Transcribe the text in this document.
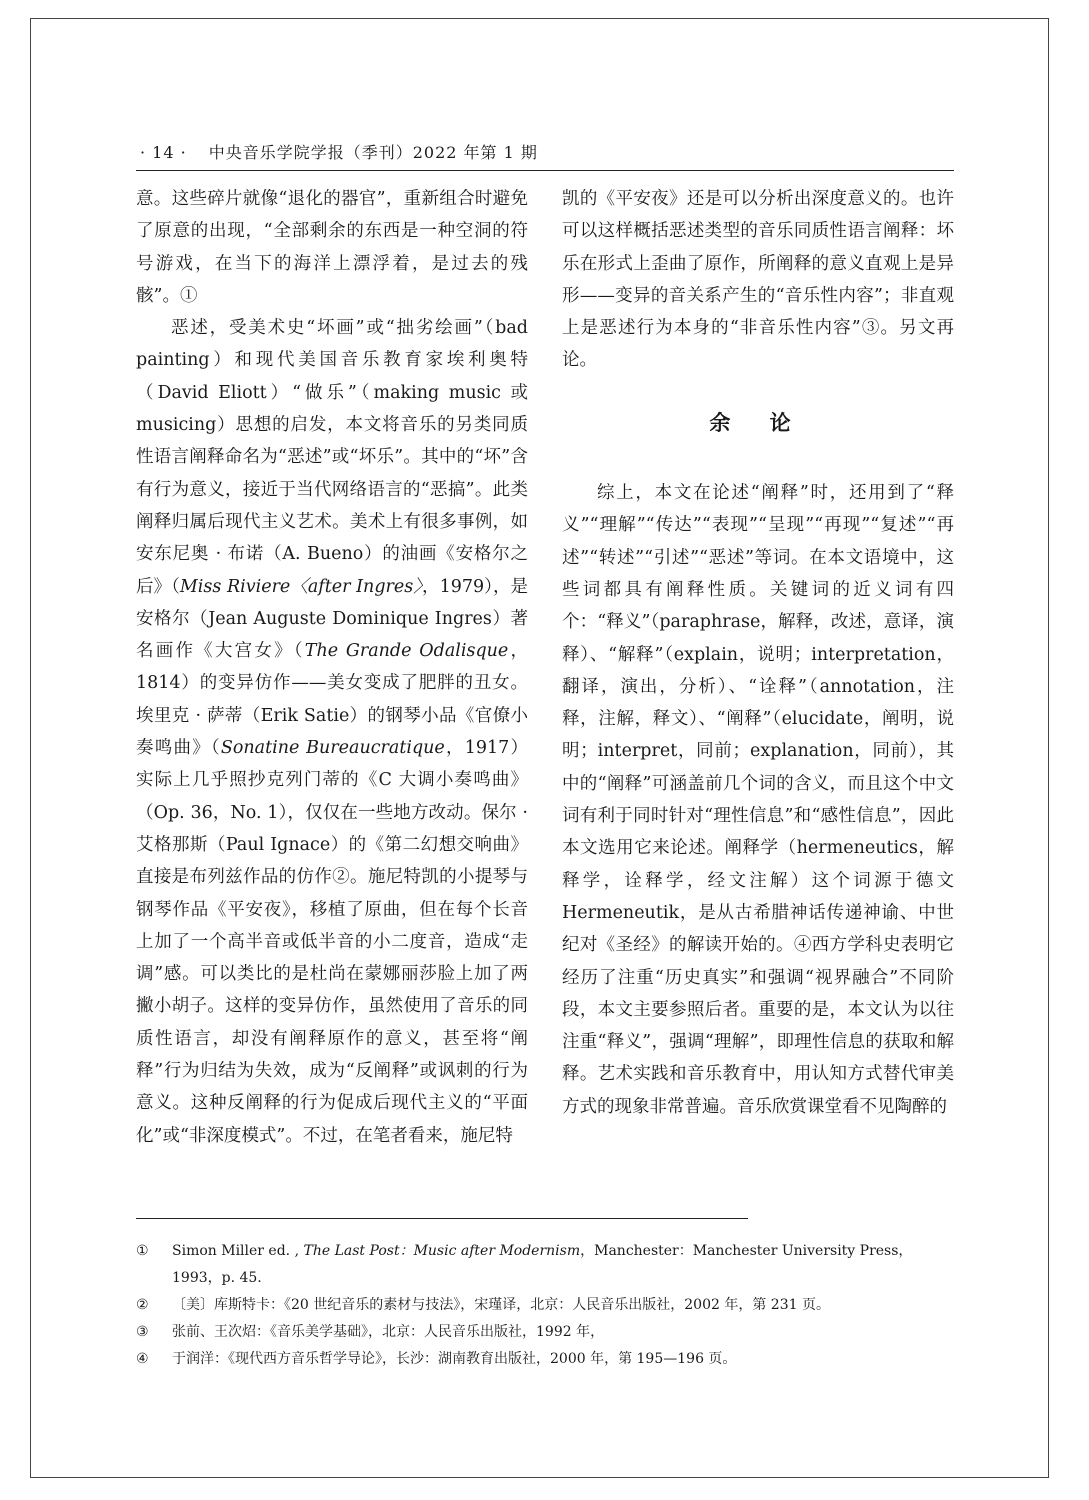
· 14 · 中央音乐学院学报（季刊）2022 年第 1 期

意。这些碎片就像“退化的器官”，重新组合时避免了原意的出现，“全部剩余的东西是一种空洞的符号游戏，在当下的海洋上漂浮着，是过去的残骸”。①

恶述，受美术史“坏画”或“拙劣绘画”（bad painting）和现代美国音乐教育家埃利奥特（David Eliott）“做乐”（making music 或 musicing）思想的启发，本文将音乐的另类同质性语言阐释命名为“恶述”或“坏乐”。其中的“坏”含有行为意义，接近于当代网络语言的“恶搞”。此类阐释归属后现代主义艺术。美术上有很多事例，如安东尼奥 · 布诺（A. Bueno）的油画《安格尔之后》（Miss Riviere〈after Ingres〉，1979），是安格尔（Jean Auguste Dominique Ingres）著名画作《大宫女》（The Grande Odalisque，1814）的变异仿作——美女变成了肥胖的丑女。埃里克 · 萨蒂（Erik Satie）的钢琴小品《官僚小奏鸣曲》（Sonatine Bureaucratique，1917）实际上几乎照抄克列门蒂的《C 大调小奏鸣曲》（Op. 36，No. 1），仅仅在一些地方改动。保尔 · 艾格那斯（Paul Ignace）的《第二幻想交响曲》直接是布列兹作品的仿作②。施尼特凯的小提琴与钢琴作品《平安夜》，移植了原曲，但在每个长音上加了一个高半音或低半音的小二度音，造成“走调”感。可以类比的是杜尚在蒙娜丽莎脸上加了两撇小胡子。这样的变异仿作，虽然使用了音乐的同质性语言，却没有阐释原作的意义，甚至将“阐释”行为归结为失效，成为“反阐释”或讽刺的行为意义。这种反阐释的行为促成后现代主义的“平面化”或“非深度模式”。不过，在笔者看来，施尼特

凯的《平安夜》还是可以分析出深度意义的。也许可以这样概括恶述类型的音乐同质性语言阐释：坏乐在形式上歪曲了原作，所阐释的意义直观上是异形——变异的音关系产生的“音乐性内容”；非直观上是恶述行为本身的“非音乐性内容”③。另文再论。

余 论

综上，本文在论述“阐释”时，还用到了“释义”“理解”“传达”“表现”“呈现”“再现”“复述”“再述”“转述”“引述”“恶述”等词。在本文语境中，这些词都具有阐释性质。关键词的近义词有四个：“释义”（paraphrase，解释，改述，意译，演释）、“解释”（explain，说明；interpretation，翻译，演出，分析）、“诠释”（annotation，注释，注解，释文）、“阐释”（elucidate，阐明，说明；interpret，同前；explanation，同前），其中的“阐释”可涵盖前几个词的含义，而且这个中文词有利于同时针对“理性信息”和“感性信息”，因此本文选用它来论述。阐释学（hermeneutics，解释学，诠释学，经文注解）这个词源于德文 Hermeneutik，是从古希腊神话传递神谕、中世纪对《圣经》的解读开始的。④西方学科史表明它经历了注重“历史真实”和强调“视界融合”不同阶段，本文主要参照后者。重要的是，本文认为以往注重“释义”，强调“理解”，即理性信息的获取和解释。艺术实践和音乐教育中，用认知方式替代审美方式的现象非常普遍。音乐欣赏课堂看不见陶醉的

① Simon Miller ed. , The Last Post：Music after Modernism，Manchester：Manchester University Press，1993，p. 45.
② 〔美〕库斯特卡：《20 世纪音乐的素材与技法》，宋瑾译，北京：人民音乐出版社，2002 年，第 231 页。
③ 张前、王次炤：《音乐美学基础》，北京：人民音乐出版社，1992 年，
④ 于润洋：《现代西方音乐哲学导论》，长沙：湖南教育出版社，2000 年，第 195—196 页。
